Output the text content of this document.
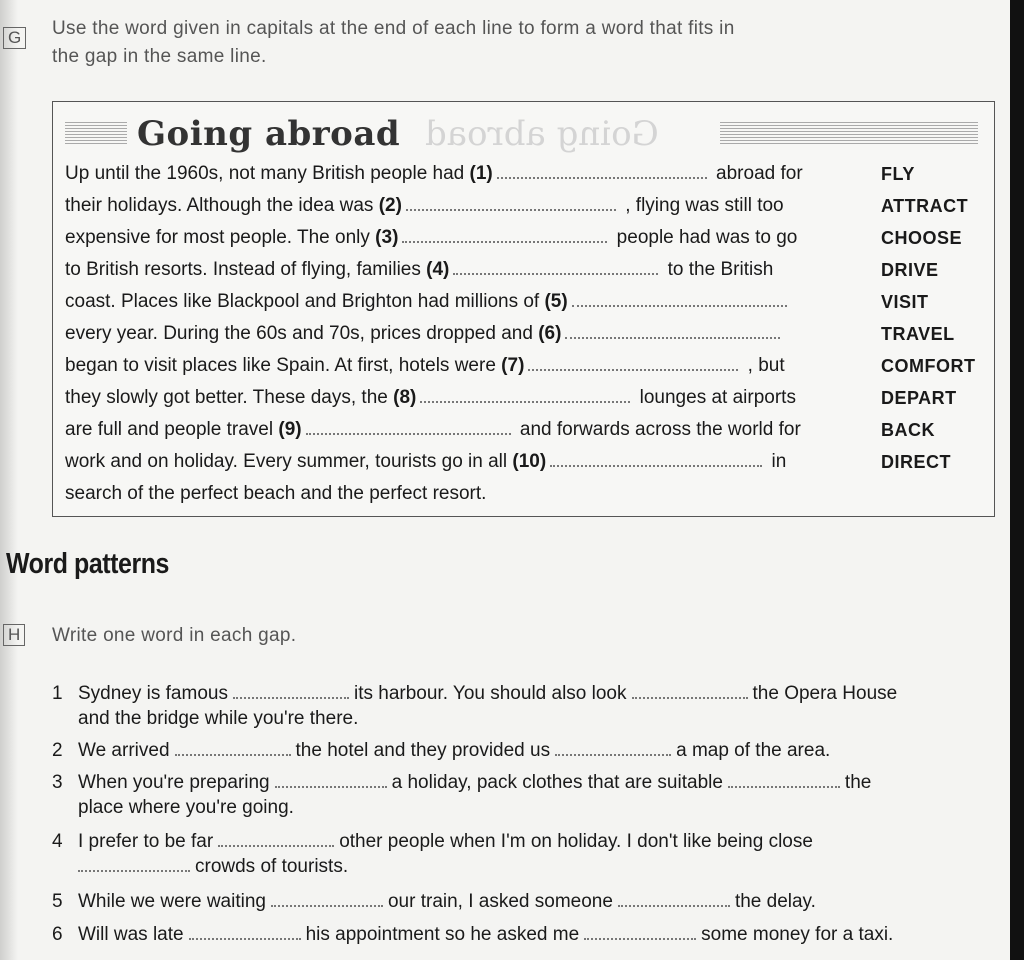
G Use the word given in capitals at the end of each line to form a word that fits in
the gap in the same line.
Going abroad Going abroad
Up until the 1960s, not many British people had (1)	abroad for	FLY
their holidays. Although the idea was (2)	, flying was still too	ATTRACT
expensive for most people. The only (3)	people had was to go	CHOOSE
to British resorts. Instead of flying, families (4)	to the British	DRIVE
coast. Places like Blackpool and Brighton had millions of (5)	VISIT
every year. During the 60s and 70s, prices dropped and (6)	TRAVEL
began to visit places like Spain. At first, hotels were (7)	, but	COMFORT
they slowly got better. These days, the (8)	lounges at airports	DEPART
are full and people travel (9)	and forwards across the world for	BACK
work and on holiday. Every summer, tourists go in all (10)	in	DIRECT
search of the perfect beach and the perfect resort.
Word patterns
H Write one word in each gap.
1 Sydney is famous	its harbour. You should also look	the Opera House
and the bridge while you're there.
2 We arrived	the hotel and they provided us	a map of the area.
3 When you're preparing	a holiday, pack clothes that are suitable	the
place where you're going.
4 I prefer to be far	other people when I'm on holiday. I don't like being close
crowds of tourists.
5 While we were waiting	our train, I asked someone	the delay.
6 Will was late	his appointment so he asked me	some money for a taxi.
